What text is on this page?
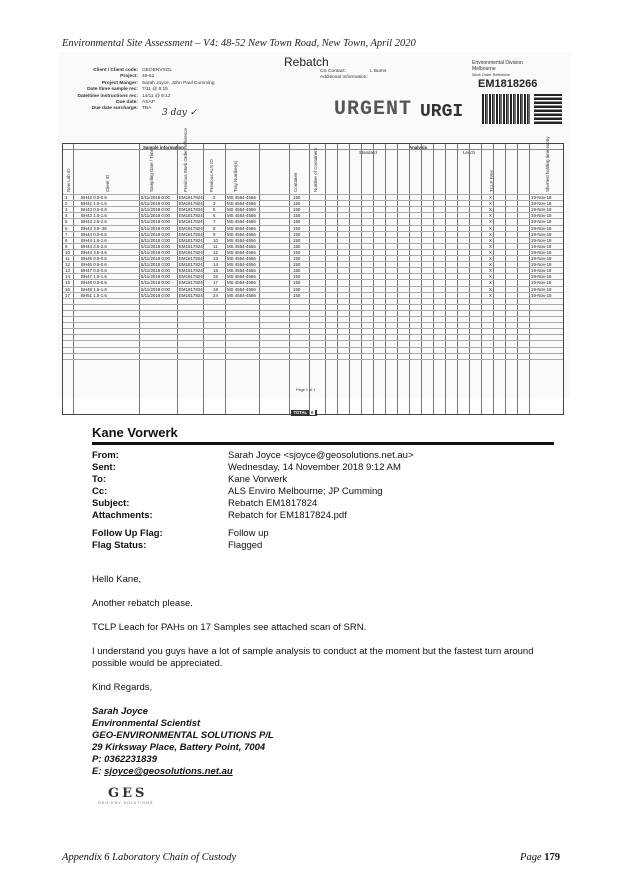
Environmental Site Assessment – V4: 48-52 New Town Road, New Town, April 2020
Rebatch
Client / Client code: GEOENVSOL
Project: 48-52
Project Manger: Sarah Joyce, John Paul Cumming
Date /time sample rec: 7/11 @ 9:15
Date/time instructions rec: 14/11 @ 9:12
Due date: ASAP
Due date surcharge: TBA 3 day ✓
CS Contact:	L Burns
Additional Information:
Environmental Division
Melbourne
Work Order Reference
EM1818266
URGENT URGI
Sample information	Analysis
Standard	Leach
TOTAL 0
New Lab ID	Client ID	Sampling Date / Time	Previous Work Order Reference	Previous ALS ID	Tray Number(s)	Container	Number of Containers	TCLP PAH	Shortest holding time expiry
1	BH42 0.5-0.6	5/11/2018 0:00 EM1817824 2	MS 4554-4556	150	X	19-Nov-18
2	BH42 1.5-1.6	5/11/2018 0:00 EM1817824 3	MS 4554-4556	150	X	19-Nov-18
3	BH43 0.5-0.6	5/11/2018 0:00 EM1817824 5	MS 4554-4556	150	X	19-Nov-18
4	BH43 1.5-1.6	5/11/2018 0:00 EM1817824 6	MS 4554-4556	150	X	19-Nov-18
5	BH43 2.5-2.6	5/11/2018 0:00 EM1817824 7	MS 4554-4556	150	X	19-Nov-18
6	BH43 3.5-.36	5/11/2018 0:00 EM1817824 8	MS 4554-4556	150	X	19-Nov-18
7	BH44 0.5-0.6	5/11/2018 0:00 EM1817824 9	MS 4554-4556	150	X	19-Nov-18
8	BH44 1.5-1.6	5/11/2018 0:00 EM1817824 10 MS 4554-4556	150	X	19-Nov-18
9	BH44 2.5-2.6	5/11/2018 0:00 EM1817824 11 MS 4554-4556	150	X	19-Nov-18
10	BH44 3.5-3.6	5/11/2018 0:00 EM1817824 12 MS 4554-4556	150	X	19-Nov-18
11	BH45 0.5-0.6	5/11/2018 0:00 EM1817824 13 MS 4554-4556	150	X	19-Nov-18
12	BH46 0.5-0.6	5/11/2018 0:00 EM1817824 14 MS 4554-4556	150	X	19-Nov-18
13	BH47 0.5-0.6	5/11/2018 0:00 EM1817824 15 MS 4554-4556	150	X	19-Nov-18
14	BH47 1.5-1.6	5/11/2018 0:00 EM1817824 16 MS 4554-4556	150	X	19-Nov-18
15	BH48 0.5-0.6	5/11/2018 0:00 EM1817824 17 MS 4554-4556	150	X	19-Nov-18
16	BH48 1.5-1.6	5/11/2018 0:00 EM1817824 18 MS 4554-4556	150	X	19-Nov-18
17	BH51 1.5-1.6	5/11/2018 0:00 EM1817824 24 MS 4554-4556	150	X	19-Nov-18
Page 1 of 1
Kane Vorwerk
From:	Sarah Joyce <sjoyce@geosolutions.net.au>
Sent:	Wednesday, 14 November 2018 9:12 AM
To:	Kane Vorwerk
Cc:	ALS Enviro Melbourne; JP Cumming
Subject:	Rebatch EM1817824
Attachments:	Rebatch for EM1817824.pdf
Follow Up Flag:	Follow up
Flag Status:	Flagged
Hello Kane,
Another rebatch please.
TCLP Leach for PAHs on 17 Samples see attached scan of SRN.
I understand you guys have a lot of sample analysis to conduct at the moment but the fastest turn around possible would be appreciated.
Kind Regards,
Sarah Joyce
Environmental Scientist
GEO-ENVIRONMENTAL SOLUTIONS P/L
29 Kirksway Place, Battery Point, 7004
P: 0362231839
E: sjoyce@geosolutions.net.au
GES
GEO-ENV SOLUTIONS
Appendix 6 Laboratory Chain of Custody	Page 179
